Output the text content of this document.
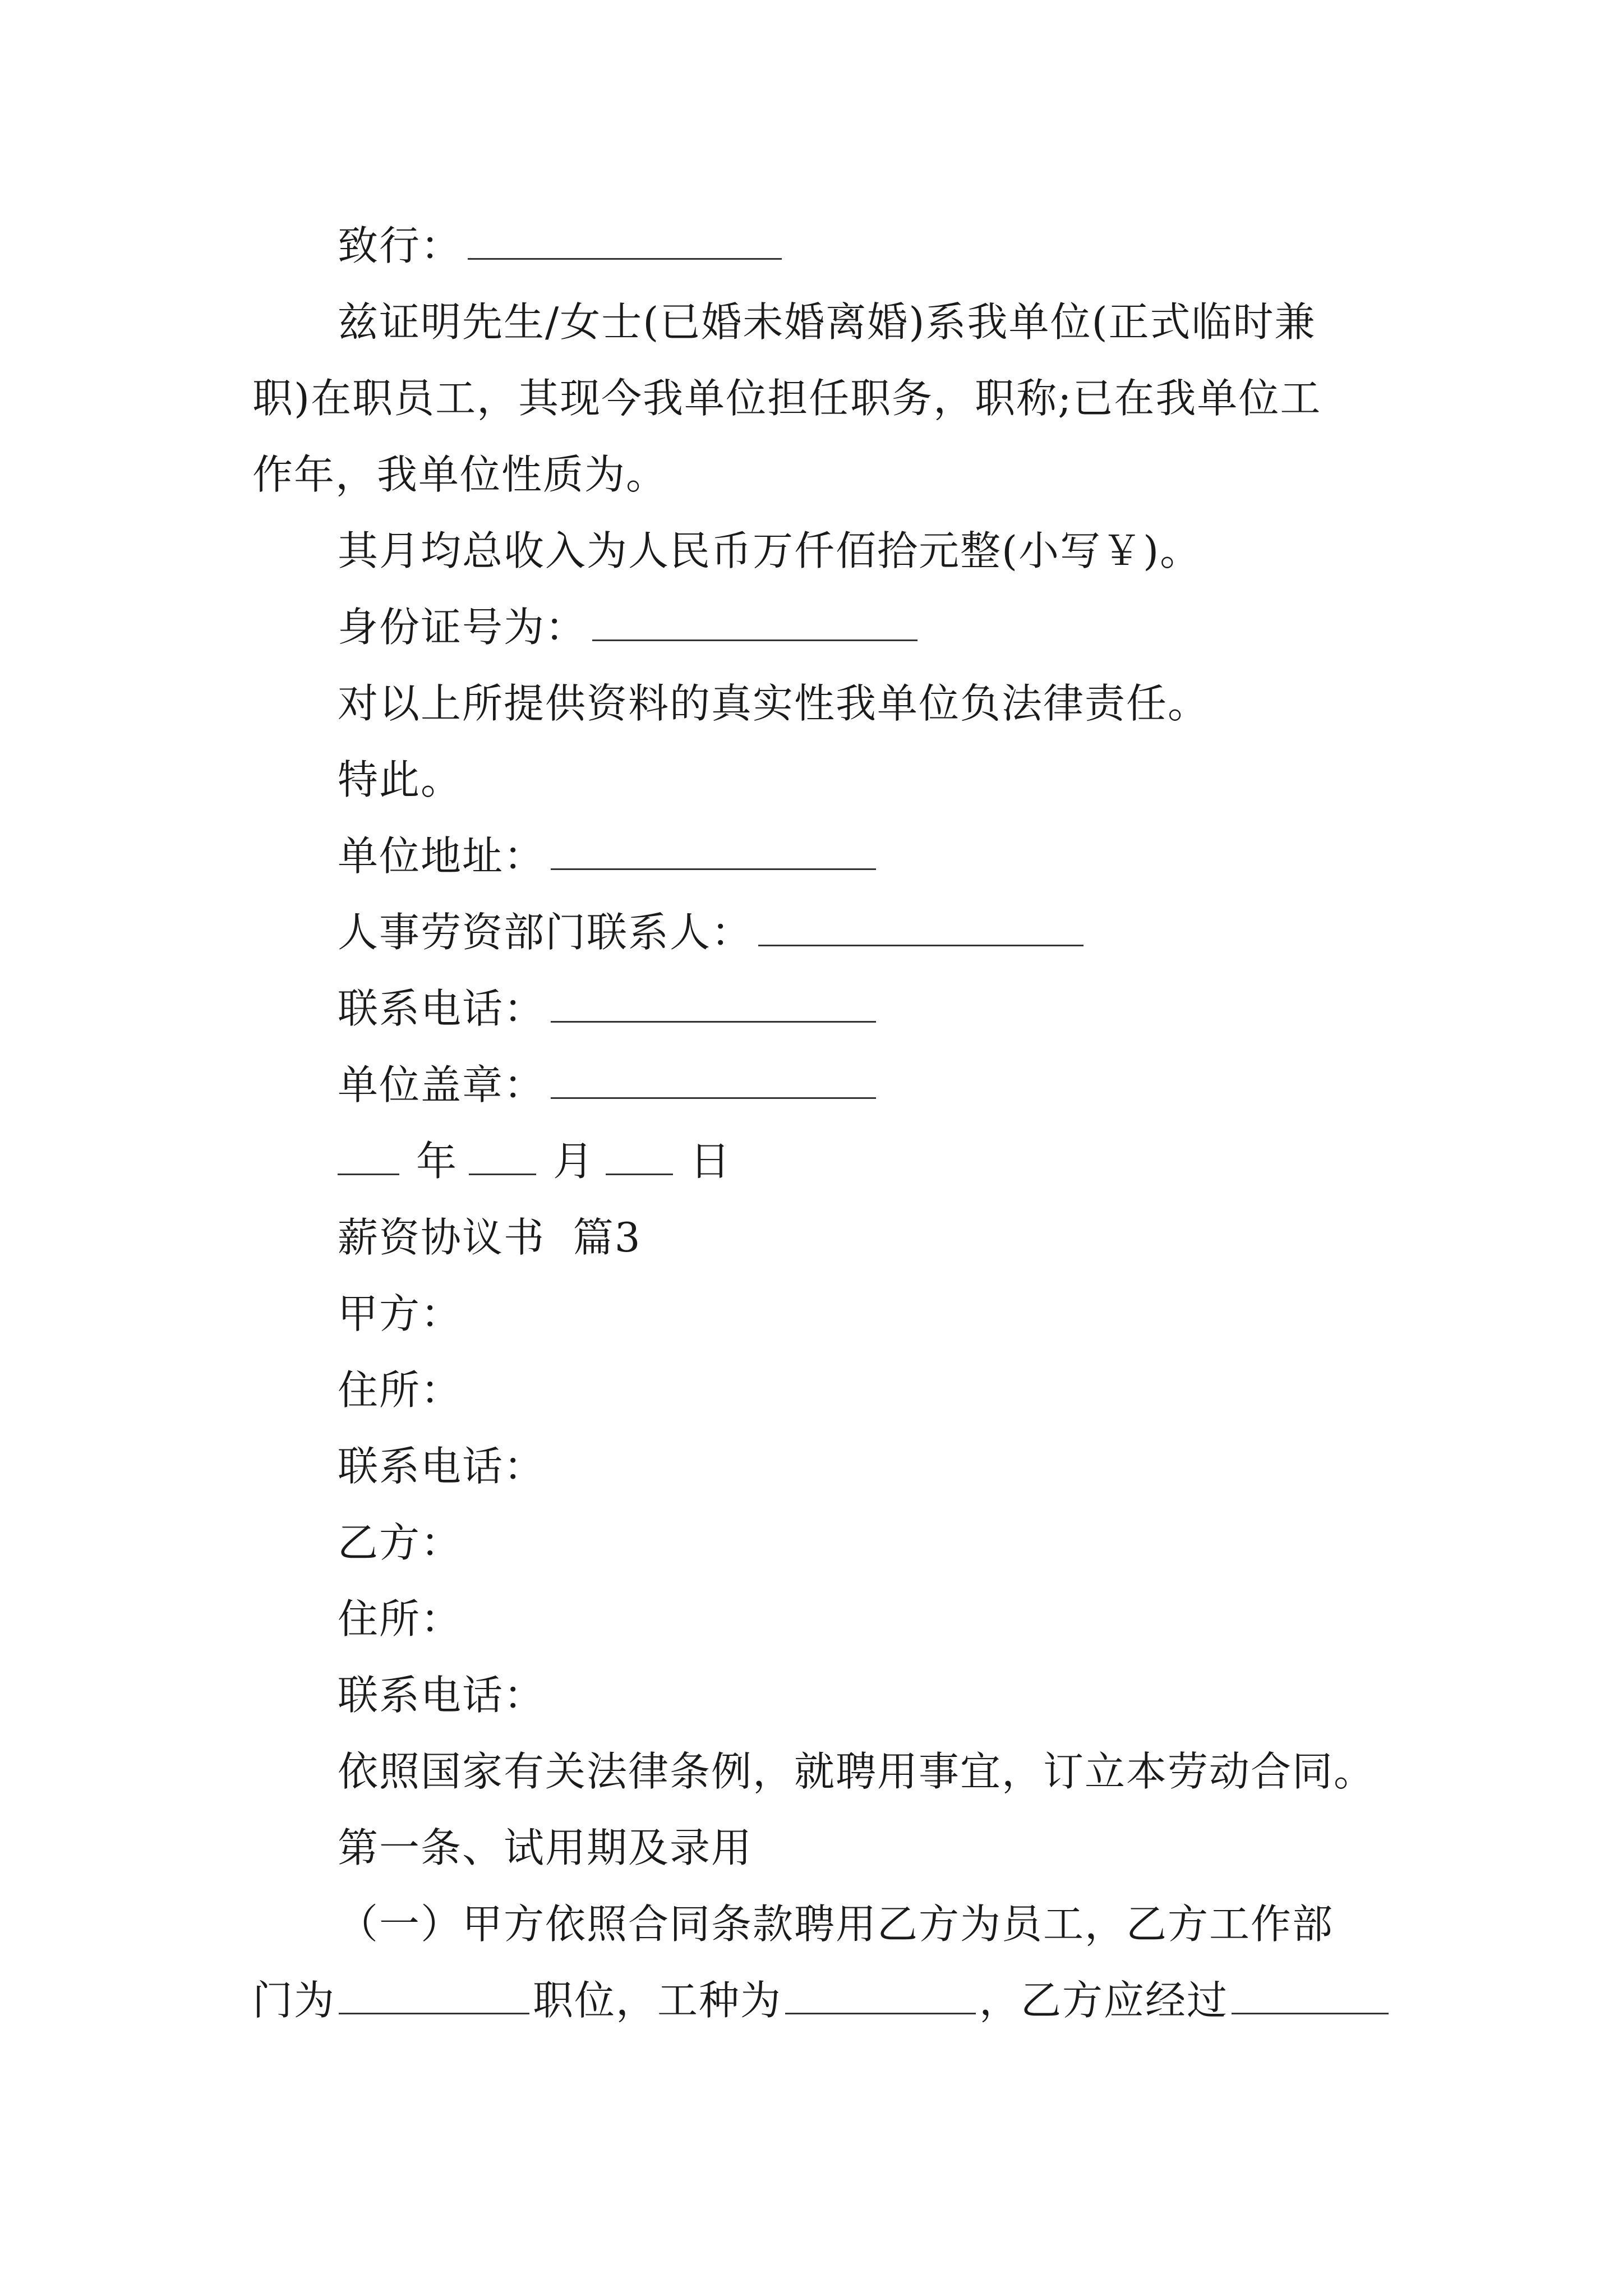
致行：
兹证明先生/女士(已婚未婚离婚)系我单位(正式临时兼
职)在职员工，其现今我单位担任职务，职称;已在我单位工
作年，我单位性质为。
其月均总收入为人民币万仟佰拾元整(小写￥)。
身份证号为：
对以上所提供资料的真实性我单位负法律责任。
特此。
单位地址：
人事劳资部门联系人：
联系电话：
单位盖章：
年 月 日
薪资协议书  篇3
甲方：
住所：
联系电话：
乙方：
住所：
联系电话：
依照国家有关法律条例，就聘用事宜，订立本劳动合同。
第一条、试用期及录用
（一）甲方依照合同条款聘用乙方为员工，乙方工作部
门为	职位，工种为	，乙方应经过
